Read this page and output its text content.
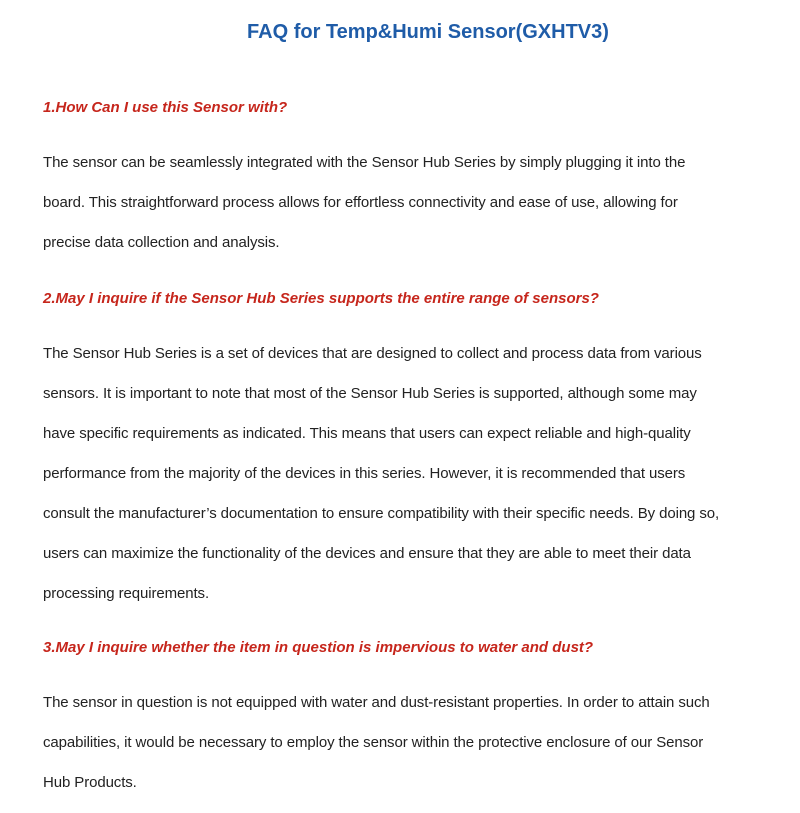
FAQ for Temp&Humi Sensor(GXHTV3)
1.How Can I use this Sensor with?
The sensor can be seamlessly integrated with the Sensor Hub Series by simply plugging it into the
board. This straightforward process allows for effortless connectivity and ease of use, allowing for
precise data collection and analysis.
2.May I inquire if the Sensor Hub Series supports the entire range of sensors?
The Sensor Hub Series is a set of devices that are designed to collect and process data from various
sensors. It is important to note that most of the Sensor Hub Series is supported, although some may
have specific requirements as indicated. This means that users can expect reliable and high-quality
performance from the majority of the devices in this series. However, it is recommended that users
consult the manufacturer’s documentation to ensure compatibility with their specific needs. By doing so,
users can maximize the functionality of the devices and ensure that they are able to meet their data
processing requirements.
3.May I inquire whether the item in question is impervious to water and dust?
The sensor in question is not equipped with water and dust-resistant properties. In order to attain such
capabilities, it would be necessary to employ the sensor within the protective enclosure of our Sensor
Hub Products.
